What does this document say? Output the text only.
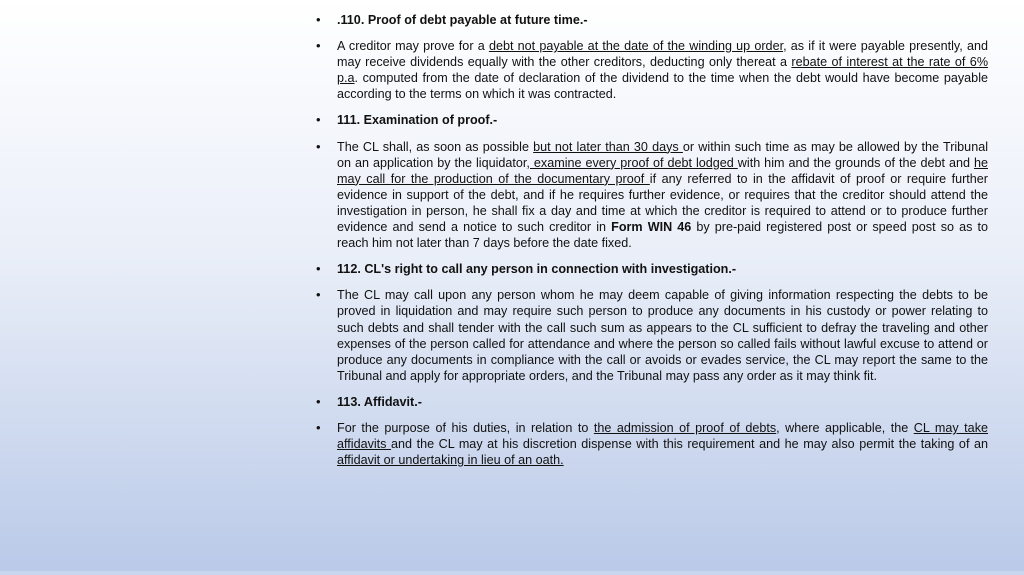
• .110. Proof of debt payable at future time.-
• A creditor may prove for a debt not payable at the date of the winding up order, as if it were payable presently, and may receive dividends equally with the other creditors, deducting only thereat a rebate of interest at the rate of 6% p.a. computed from the date of declaration of the dividend to the time when the debt would have become payable according to the terms on which it was contracted.
• 111. Examination of proof.-
• The CL shall, as soon as possible but not later than 30 days or within such time as may be allowed by the Tribunal on an application by the liquidator, examine every proof of debt lodged with him and the grounds of the debt and he may call for the production of the documentary proof if any referred to in the affidavit of proof or require further evidence in support of the debt, and if he requires further evidence, or requires that the creditor should attend the investigation in person, he shall fix a day and time at which the creditor is required to attend or to produce further evidence and send a notice to such creditor in Form WIN 46 by pre-paid registered post or speed post so as to reach him not later than 7 days before the date fixed.
• 112. CL's right to call any person in connection with investigation.-
• The CL may call upon any person whom he may deem capable of giving information respecting the debts to be proved in liquidation and may require such person to produce any documents in his custody or power relating to such debts and shall tender with the call such sum as appears to the CL sufficient to defray the traveling and other expenses of the person called for attendance and where the person so called fails without lawful excuse to attend or produce any documents in compliance with the call or avoids or evades service, the CL may report the same to the Tribunal and apply for appropriate orders, and the Tribunal may pass any order as it may think fit.
• 113. Affidavit.-
• For the purpose of his duties, in relation to the admission of proof of debts, where applicable, the CL may take affidavits and the CL may at his discretion dispense with this requirement and he may also permit the taking of an affidavit or undertaking in lieu of an oath.
